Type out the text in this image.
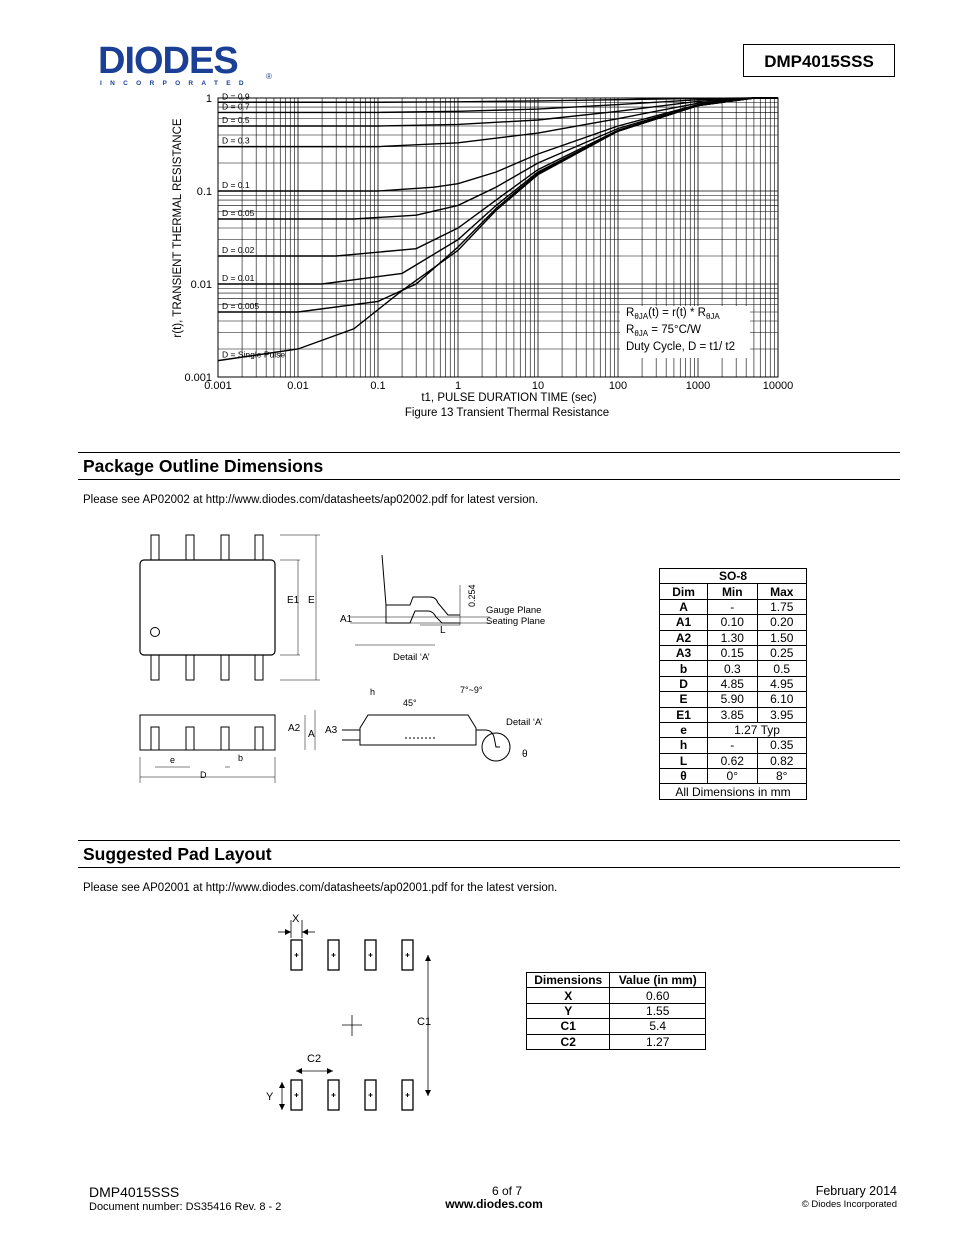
DIODES
INCORPORATED
®
DMP4015SSS
0.001	0.01	0.1	1	10	100	1000	10000
1
0.1
0.01
0.001
D = 0.9
D = 0.7
D = 0.5
D = 0.3
D = 0.1
D = 0.05
D = 0.02
D = 0.01
D = 0.005
D = Single Pulse
r(t), TRANSIENT THERMAL RESISTANCE
t1, PULSE DURATION TIME (sec)
Figure 13 Transient Thermal Resistance
$R_{\theta JA}(t) = r(t) * R_{\theta JA}$
$R_{\theta JA} = 75^\circ C/W$
Duty Cycle, D = t1/ t2
Package Outline Dimensions
Please see AP02002 at http://www.diodes.com/datasheets/ap02002.pdf for latest version.
E1 E
A1
L
0.254
Gauge Plane
Seating Plane
Detail ‘A’
A2
A
e	b
D
h
45°
7°~9°
A3
Detail ‘A’
θ
SO-8		
Dim	Min	Max
A	-	1.75
A1	0.10	0.20
A2	1.30	1.50
A3	0.15	0.25
b	0.3	0.5
D	4.85	4.95
E	5.90	6.10
E1	3.85	3.95
e	1.27 Typ	
h	-	0.35
L	0.62	0.82
θ	0°	8°
All Dimensions in mm		
Suggested Pad Layout
Please see AP02001 at http://www.diodes.com/datasheets/ap02001.pdf for the latest version.
X
C1
C2
Y
Dimensions	Value (in mm)
X	0.60
Y	1.55
C1	5.4
C2	1.27
DMP4015SSS
Document number: DS35416 Rev. 8 - 2
6 of 7
www.diodes.com
February 2014
© Diodes Incorporated
